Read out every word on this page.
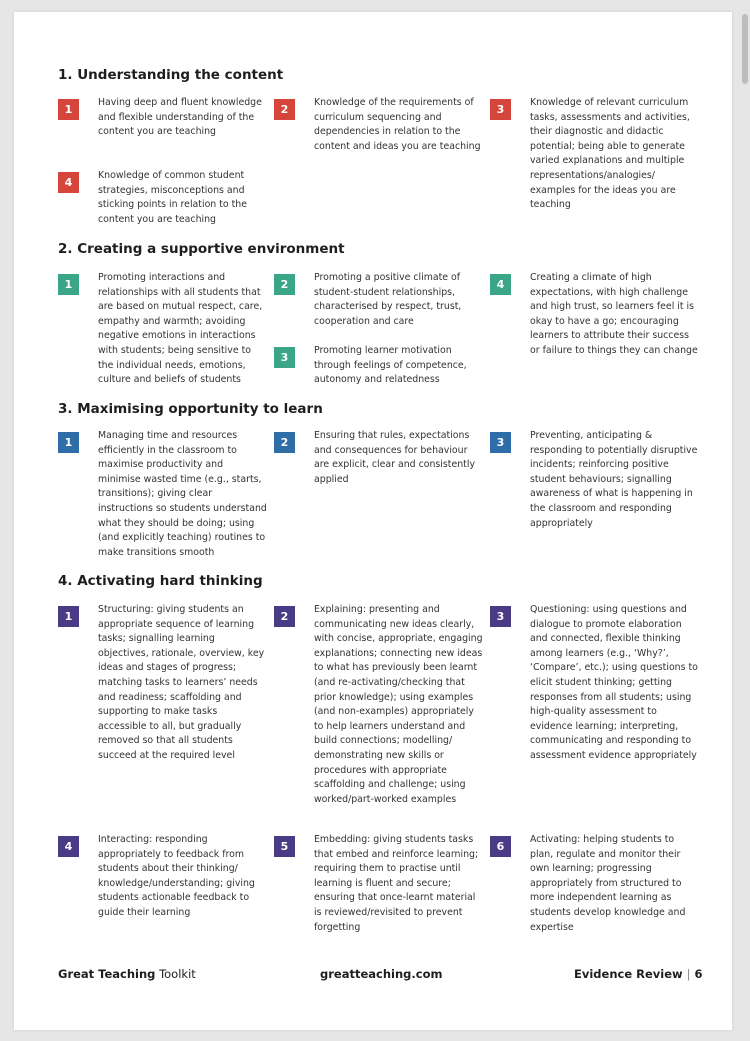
1. Understanding the content
1

Having deep and fluent knowledge and flexible understanding of the content you are teaching

2

Knowledge of the requirements of curriculum sequencing and dependencies in relation to the content and ideas you are teaching

3

Knowledge of relevant curriculum tasks, assessments and activities, their diagnostic and didactic potential; being able to generate varied explanations and multiple representations/analogies/ examples for the ideas you are teaching

4

Knowledge of common student strategies, misconceptions and sticking points in relation to the content you are teaching

2. Creating a supportive environment
1

Promoting interactions and relationships with all students that are based on mutual respect, care, empathy and warmth; avoiding negative emotions in interactions with students; being sensitive to the individual needs, emotions, culture and beliefs of students

2

Promoting a positive climate of student-student relationships, characterised by respect, trust, cooperation and care

3

Promoting learner motivation through feelings of competence, autonomy and relatedness

4

Creating a climate of high expectations, with high challenge and high trust, so learners feel it is okay to have a go; encouraging learners to attribute their success or failure to things they can change

3. Maximising opportunity to learn
1

Managing time and resources efficiently in the classroom to maximise productivity and minimise wasted time (e.g., starts, transitions); giving clear instructions so students understand what they should be doing; using (and explicitly teaching) routines to make transitions smooth

2

Ensuring that rules, expectations and consequences for behaviour are explicit, clear and consistently applied

3

Preventing, anticipating & responding to potentially disruptive incidents; reinforcing positive student behaviours; signalling awareness of what is happening in the classroom and responding appropriately

4. Activating hard thinking
1

Structuring: giving students an appropriate sequence of learning tasks; signalling learning objectives, rationale, overview, key ideas and stages of progress; matching tasks to learners’ needs and readiness; scaffolding and supporting to make tasks accessible to all, but gradually removed so that all students succeed at the required level

2

Explaining: presenting and communicating new ideas clearly, with concise, appropriate, engaging explanations; connecting new ideas to what has previously been learnt (and re-activating/checking that prior knowledge); using examples (and non-examples) appropriately to help learners understand and build connections; modelling/ demonstrating new skills or procedures with appropriate scaffolding and challenge; using worked/part-worked examples

3

Questioning: using questions and dialogue to promote elaboration and connected, flexible thinking among learners (e.g., ‘Why?’, ‘Compare’, etc.); using questions to elicit student thinking; getting responses from all students; using high-quality assessment to evidence learning; interpreting, communicating and responding to assessment evidence appropriately

4

Interacting: responding appropriately to feedback from students about their thinking/ knowledge/understanding; giving students actionable feedback to guide their learning

5

Embedding: giving students tasks that embed and reinforce learning; requiring them to practise until learning is fluent and secure; ensuring that once-learnt material is reviewed/revisited to prevent forgetting

6

Activating: helping students to plan, regulate and monitor their own learning; progressing appropriately from structured to more independent learning as students develop knowledge and expertise

Great Teaching Toolkit	greatteaching.com	Evidence Review | 6
